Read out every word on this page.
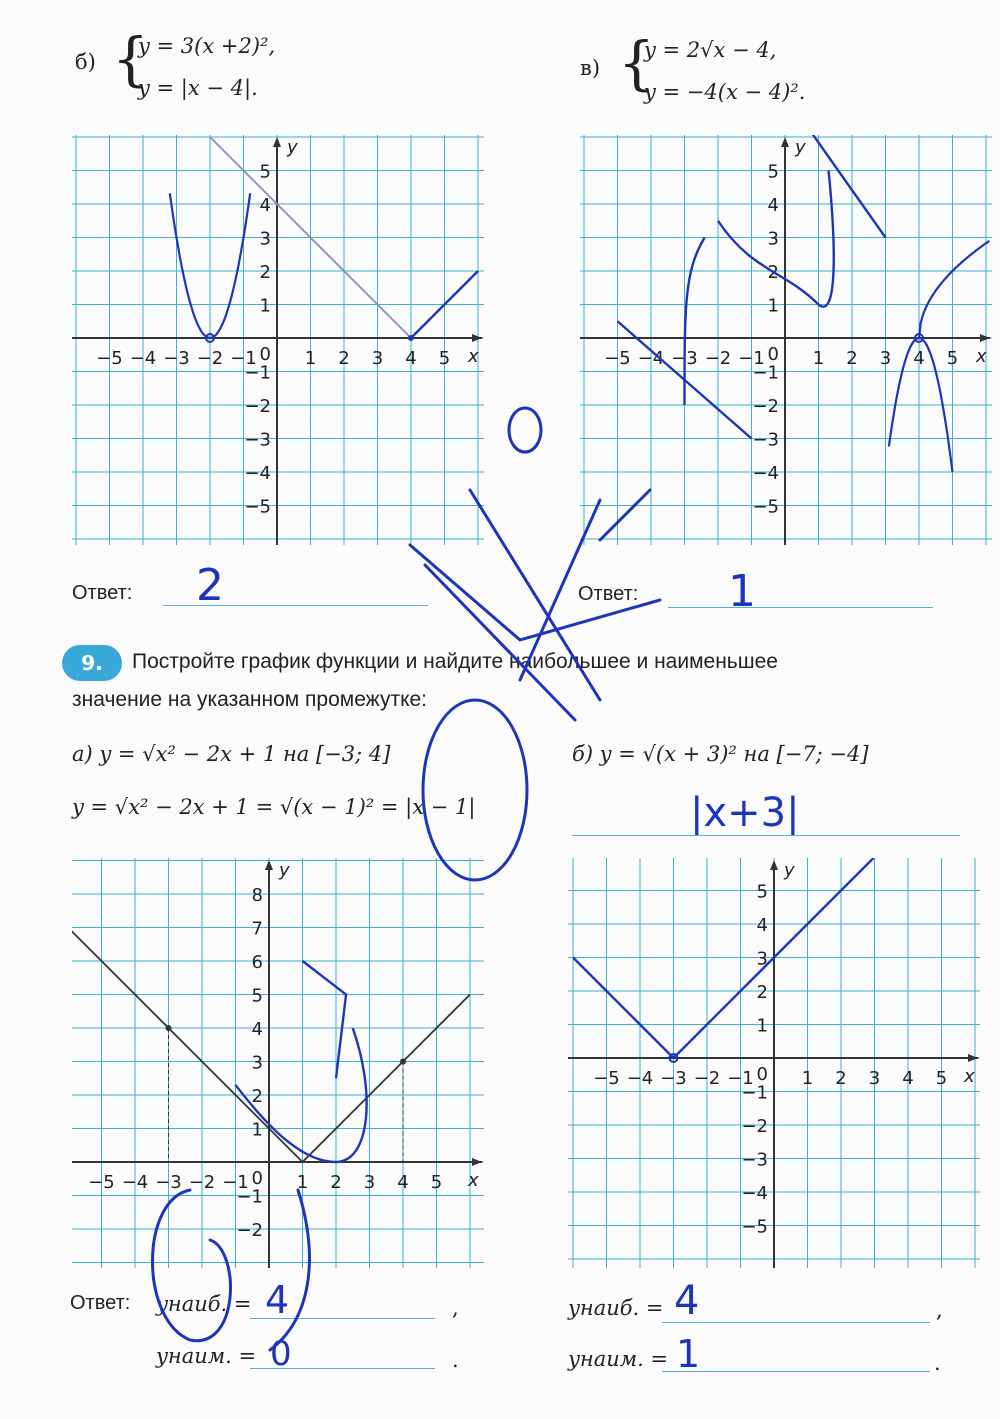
б) {
y = 3(x +2)²,
y = |x − 4|.
в) {
y = 2√x − 4,
y = −4(x − 4)².
−5 −4 −3 −2 −1	1 2 3 4 5
−5
−4
−3
−2
−1
1
2
3
4
5
0	x
y
−5 −4 −3 −2 −1	1 2 3 4 5
−5
−4
−3
−2
−1
1
2
3
4
5
0	x
y
Ответ: 2	Ответ: 1
9.	Постройте график функции и найдите наибольшее и наименьшее
значение на указанном промежутке:
а) y = √x² − 2x + 1 на [−3; 4]
y = √x² − 2x + 1 = √(x − 1)² = |x − 1|
б) y = √(x + 3)² на [−7; −4]
|x+3|
−5 −4 −3 −2 −1	1 2 3 4 5
−2
−1
1
2
3
4
5
6
7
8
0	x
y
−5 −4 −3 −2 −1	1 2 3 4 5
−5
−4
−3
−2
−1
1
2
3
4
5
0	x
y
Ответ: yнаиб. = 4	,
yнаим. = 0	.
yнаиб. = 4	,
yнаим. = 1	.
